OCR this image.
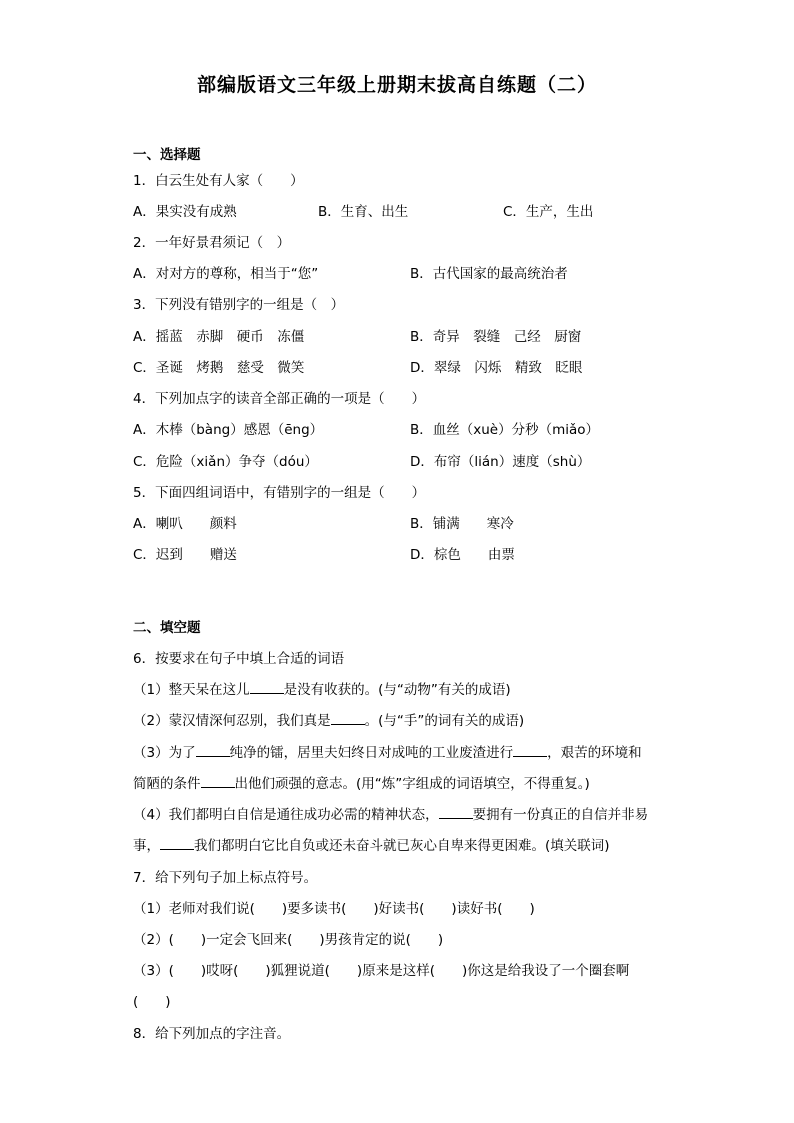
部编版语文三年级上册期末拔高自练题（二）
一、选择题
1．白云生处有人家（　　）
A．果实没有成熟	B．生育、出生	C．生产，生出
2．一年好景君须记（　）
A．对对方的尊称，相当于“您”	B．古代国家的最高统治者
3．下列没有错别字的一组是（　）
A．摇蓝　赤脚　硬币　冻僵	B．奇异　裂缝　己经　厨窗
C．圣诞　烤鹅　慈受　微笑	D．翠绿　闪烁　精致　眨眼
4．下列加点字的读音全部正确的一项是（　　）
A．木棒（bàng）感恩（ēng）	B．血丝（xuè）分秒（miǎo）
C．危险（xiǎn）争夺（dóu）	D．布帘（lián）速度（shù）
5．下面四组词语中，有错别字的一组是（　　）
A．喇叭　　颜料	B．铺满　　寒冷
C．迟到　　赠送	D．棕色　　由票
二、填空题
6．按要求在句子中填上合适的词语
（1）整天呆在这儿	是没有收获的。(与“动物”有关的成语)
（2）蒙汉情深何忍别，我们真是	。(与“手”的词有关的成语)
（3）为了	纯净的镭，居里夫妇终日对成吨的工业废渣进行	，艰苦的环境和
简陋的条件	出他们顽强的意志。(用“炼”字组成的词语填空，不得重复。)
（4）我们都明白自信是通往成功必需的精神状态，	要拥有一份真正的自信并非易
事，	我们都明白它比自负或还未奋斗就已灰心自卑来得更困难。(填关联词)
7．给下列句子加上标点符号。
（1）老师对我们说(　　)要多读书(　　)好读书(　　)读好书(　　)
（2）(　　)一定会飞回来(　　)男孩肯定的说(　　)
（3）(　　)哎呀(　　)狐狸说道(　　)原来是这样(　　)你这是给我设了一个圈套啊
(　　)
8．给下列加点的字注音。
